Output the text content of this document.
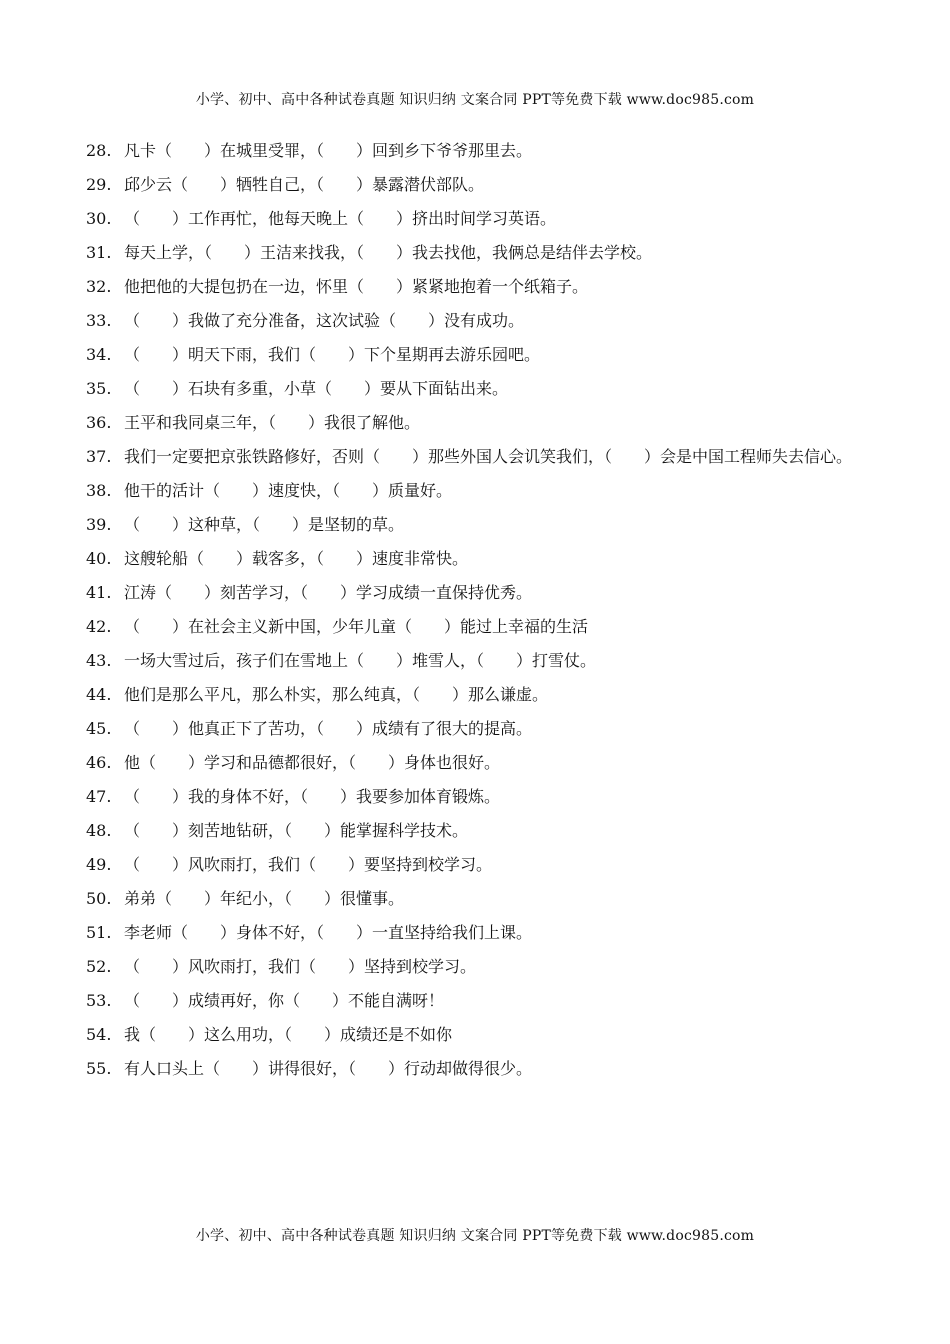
小学、初中、高中各种试卷真题 知识归纳 文案合同 PPT等免费下载 www.doc985.com
28. 凡卡（　　）在城里受罪，（　　）回到乡下爷爷那里去。
29. 邱少云（　　）牺牲自己，（　　）暴露潜伏部队。
30. （　　）工作再忙，他每天晚上（　　）挤出时间学习英语。
31. 每天上学，（　　）王洁来找我，（　　）我去找他，我俩总是结伴去学校。
32. 他把他的大提包扔在一边，怀里（　　）紧紧地抱着一个纸箱子。
33. （　　）我做了充分准备，这次试验（　　）没有成功。
34. （　　）明天下雨，我们（　　）下个星期再去游乐园吧。
35. （　　）石块有多重，小草（　　）要从下面钻出来。
36. 王平和我同桌三年，（　　）我很了解他。
37. 我们一定要把京张铁路修好，否则（　　）那些外国人会讥笑我们，（　　）会是中国工程师失去信心。
38. 他干的活计（　　）速度快，（　　）质量好。
39. （　　）这种草，（　　）是坚韧的草。
40. 这艘轮船（　　）载客多，（　　）速度非常快。
41. 江涛（　　）刻苦学习，（　　）学习成绩一直保持优秀。
42. （　　）在社会主义新中国，少年儿童（　　）能过上幸福的生活
43. 一场大雪过后，孩子们在雪地上（　　）堆雪人，（　　）打雪仗。
44. 他们是那么平凡，那么朴实，那么纯真，（　　）那么谦虚。
45. （　　）他真正下了苦功，（　　）成绩有了很大的提高。
46. 他（　　）学习和品德都很好，（　　）身体也很好。
47. （　　）我的身体不好，（　　）我要参加体育锻炼。
48. （　　）刻苦地钻研，（　　）能掌握科学技术。
49. （　　）风吹雨打，我们（　　）要坚持到校学习。
50. 弟弟（　　）年纪小，（　　）很懂事。
51. 李老师（　　）身体不好，（　　）一直坚持给我们上课。
52. （　　）风吹雨打，我们（　　）坚持到校学习。
53. （　　）成绩再好，你（　　）不能自满呀！
54. 我（　　）这么用功，（　　）成绩还是不如你
55. 有人口头上（　　）讲得很好，（　　）行动却做得很少。
小学、初中、高中各种试卷真题 知识归纳 文案合同 PPT等免费下载 www.doc985.com
